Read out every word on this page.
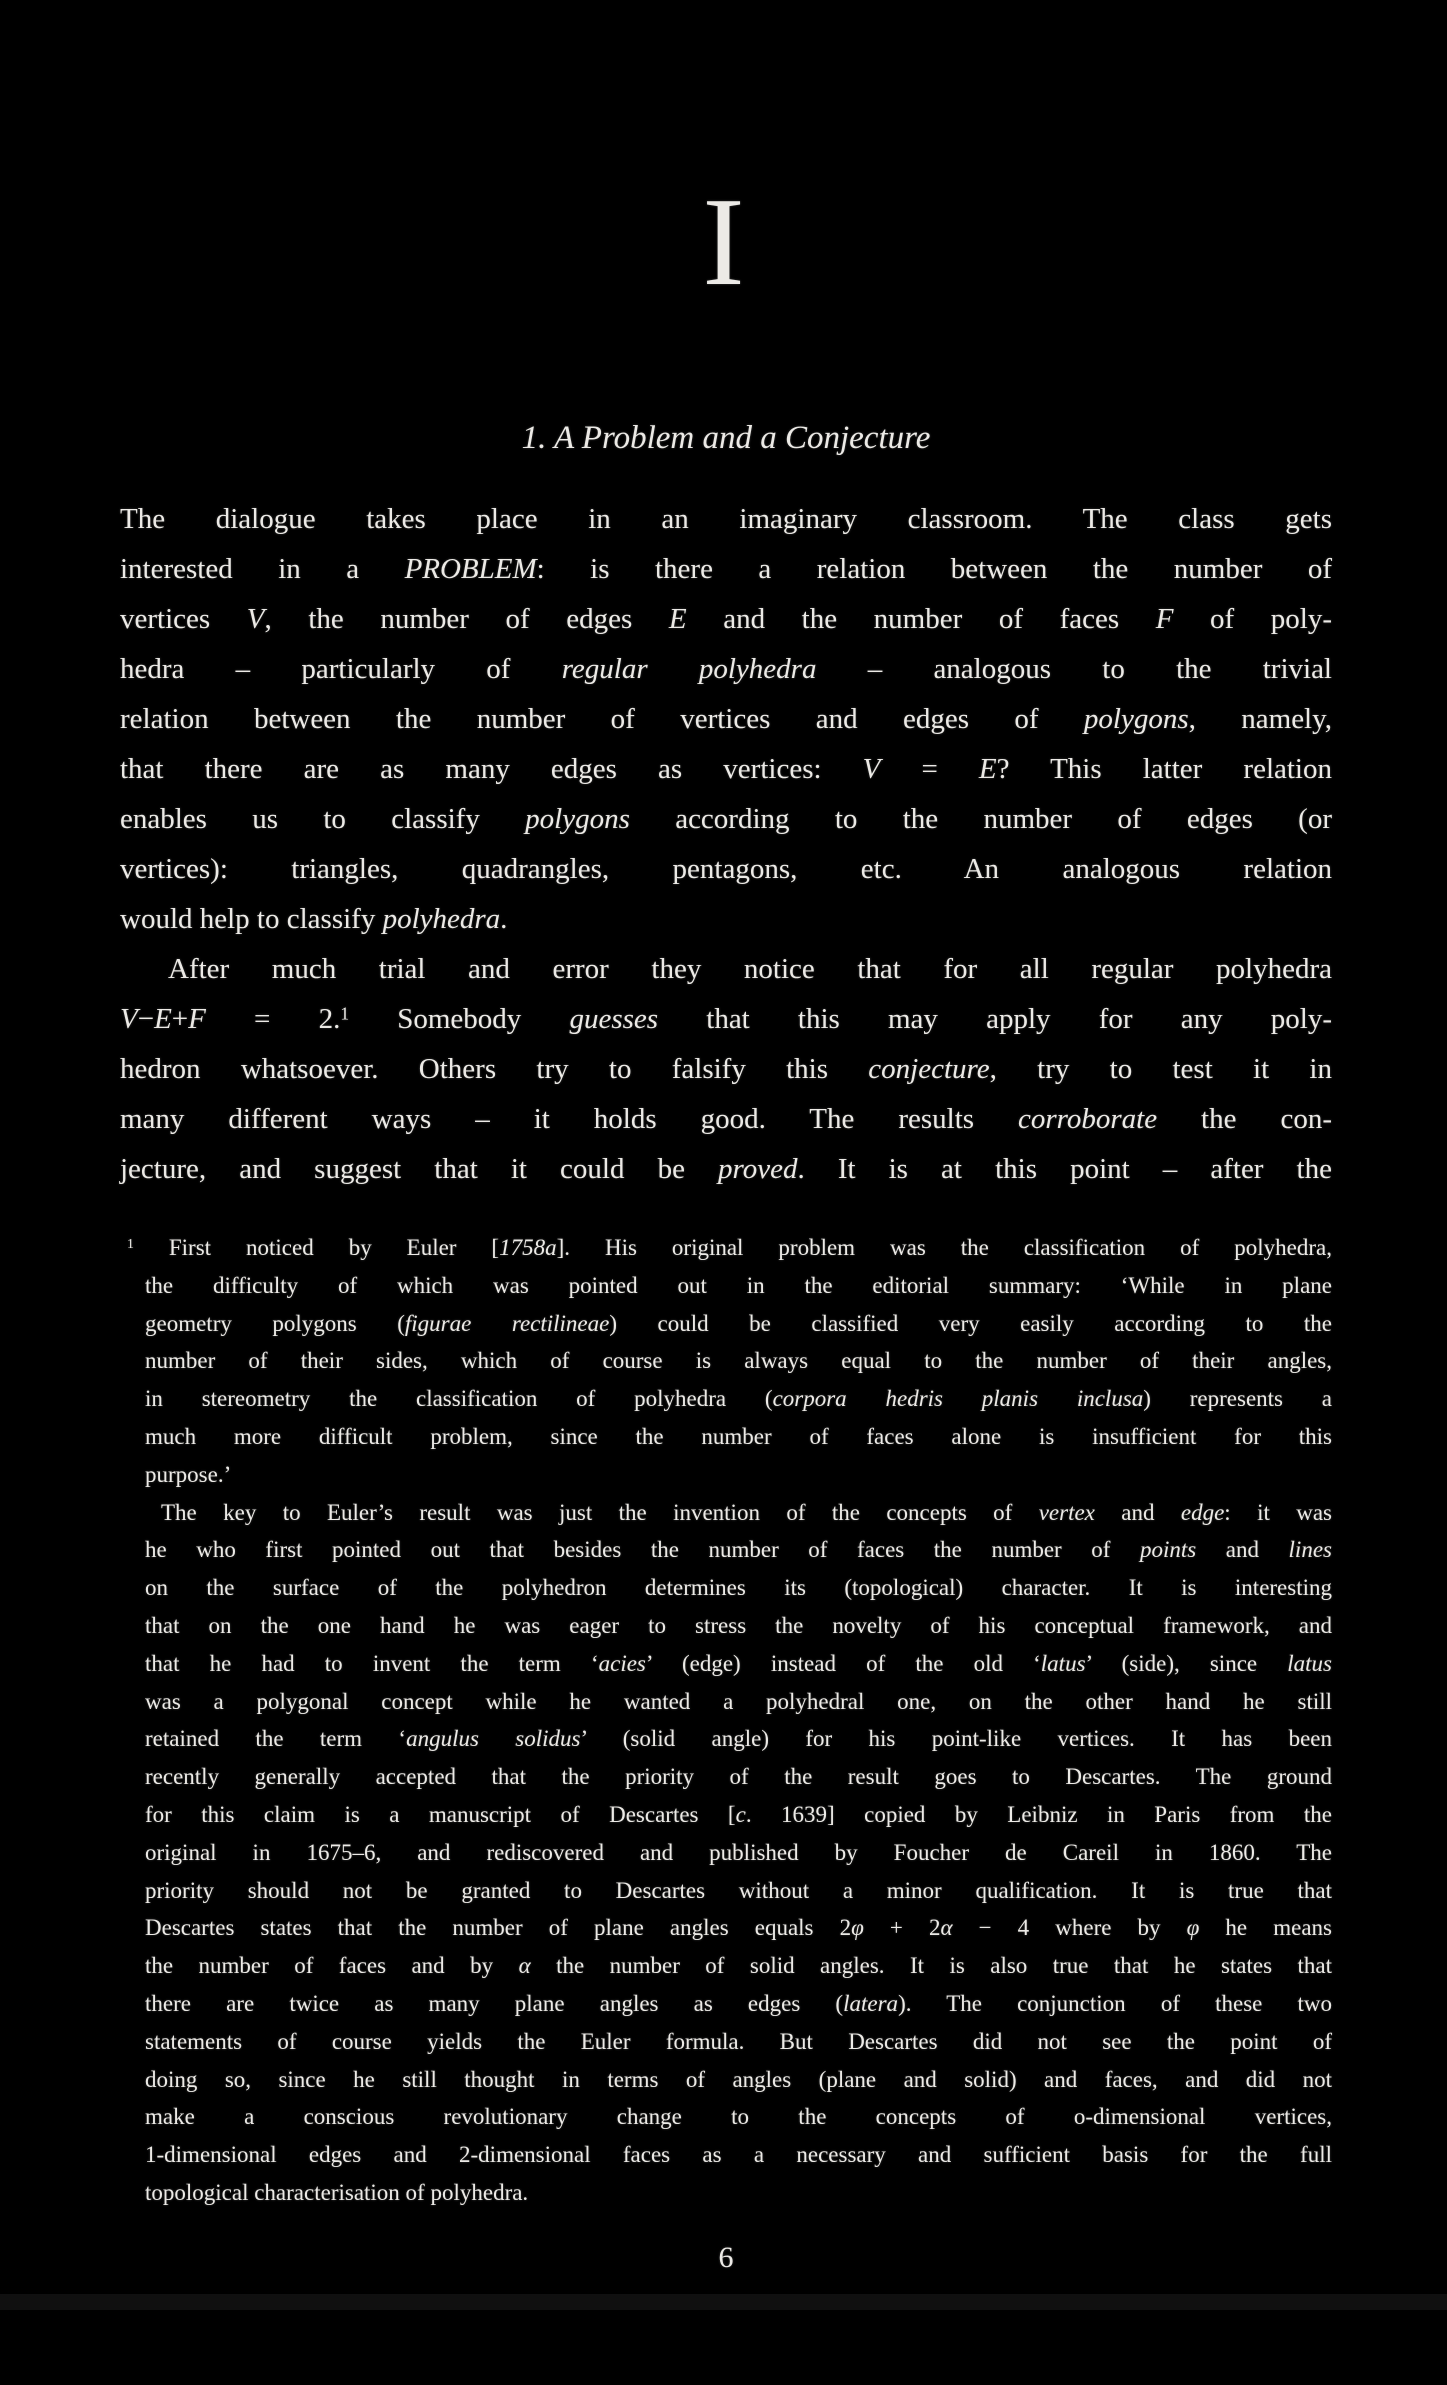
I
1. A Problem and a Conjecture
The dialogue takes place in an imaginary classroom. The class gets
interested in a PROBLEM: is there a relation between the number of
vertices V, the number of edges E and the number of faces F of poly-
hedra – particularly of regular polyhedra – analogous to the trivial
relation between the number of vertices and edges of polygons, namely,
that there are as many edges as vertices: V = E? This latter relation
enables us to classify polygons according to the number of edges (or
vertices): triangles, quadrangles, pentagons, etc. An analogous relation
would help to classify polyhedra.
After much trial and error they notice that for all regular polyhedra
V−E+F = 2.$^1$ Somebody guesses that this may apply for any poly-
hedron whatsoever. Others try to falsify this conjecture, try to test it in
many different ways – it holds good. The results corroborate the con-
jecture, and suggest that it could be proved. It is at this point – after the
$^1$ First noticed by Euler [1758a]. His original problem was the classification of polyhedra,
the difficulty of which was pointed out in the editorial summary: ‘While in plane
geometry polygons (figurae rectilineae) could be classified very easily according to the
number of their sides, which of course is always equal to the number of their angles,
in stereometry the classification of polyhedra (corpora hedris planis inclusa) represents a
much more difficult problem, since the number of faces alone is insufficient for this
purpose.’
The key to Euler’s result was just the invention of the concepts of vertex and edge: it was
he who first pointed out that besides the number of faces the number of points and lines
on the surface of the polyhedron determines its (topological) character. It is interesting
that on the one hand he was eager to stress the novelty of his conceptual framework, and
that he had to invent the term ‘acies’ (edge) instead of the old ‘latus’ (side), since latus
was a polygonal concept while he wanted a polyhedral one, on the other hand he still
retained the term ‘angulus solidus’ (solid angle) for his point-like vertices. It has been
recently generally accepted that the priority of the result goes to Descartes. The ground
for this claim is a manuscript of Descartes [c. 1639] copied by Leibniz in Paris from the
original in 1675–6, and rediscovered and published by Foucher de Careil in 1860. The
priority should not be granted to Descartes without a minor qualification. It is true that
Descartes states that the number of plane angles equals 2φ + 2α − 4 where by φ he means
the number of faces and by α the number of solid angles. It is also true that he states that
there are twice as many plane angles as edges (latera). The conjunction of these two
statements of course yields the Euler formula. But Descartes did not see the point of
doing so, since he still thought in terms of angles (plane and solid) and faces, and did not
make a conscious revolutionary change to the concepts of o-dimensional vertices,
1-dimensional edges and 2-dimensional faces as a necessary and sufficient basis for the full
topological characterisation of polyhedra.
6
